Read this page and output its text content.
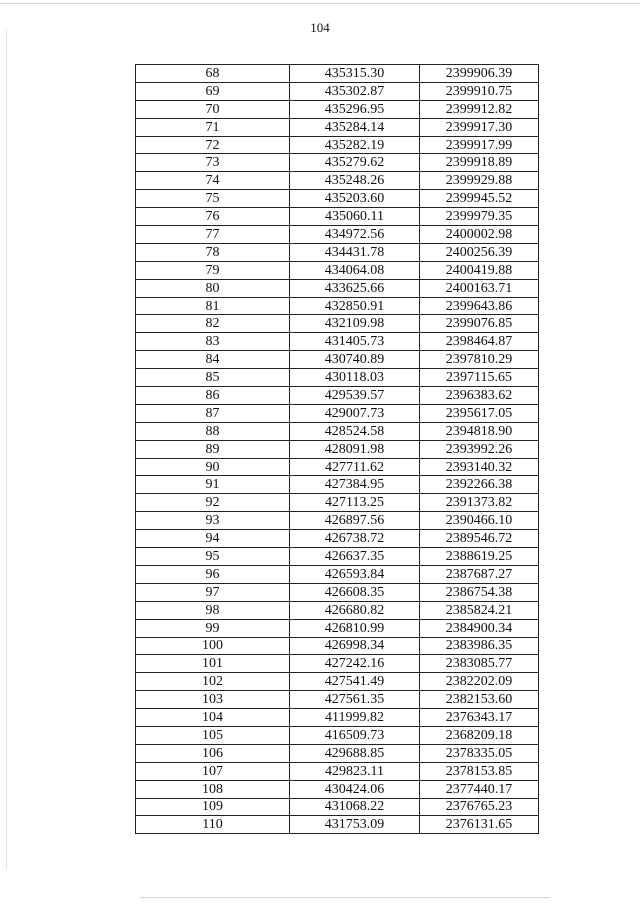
104
68	435315.30	2399906.39
69	435302.87	2399910.75
70	435296.95	2399912.82
71	435284.14	2399917.30
72	435282.19	2399917.99
73	435279.62	2399918.89
74	435248.26	2399929.88
75	435203.60	2399945.52
76	435060.11	2399979.35
77	434972.56	2400002.98
78	434431.78	2400256.39
79	434064.08	2400419.88
80	433625.66	2400163.71
81	432850.91	2399643.86
82	432109.98	2399076.85
83	431405.73	2398464.87
84	430740.89	2397810.29
85	430118.03	2397115.65
86	429539.57	2396383.62
87	429007.73	2395617.05
88	428524.58	2394818.90
89	428091.98	2393992.26
90	427711.62	2393140.32
91	427384.95	2392266.38
92	427113.25	2391373.82
93	426897.56	2390466.10
94	426738.72	2389546.72
95	426637.35	2388619.25
96	426593.84	2387687.27
97	426608.35	2386754.38
98	426680.82	2385824.21
99	426810.99	2384900.34
100	426998.34	2383986.35
101	427242.16	2383085.77
102	427541.49	2382202.09
103	427561.35	2382153.60
104	411999.82	2376343.17
105	416509.73	2368209.18
106	429688.85	2378335.05
107	429823.11	2378153.85
108	430424.06	2377440.17
109	431068.22	2376765.23
110	431753.09	2376131.65
